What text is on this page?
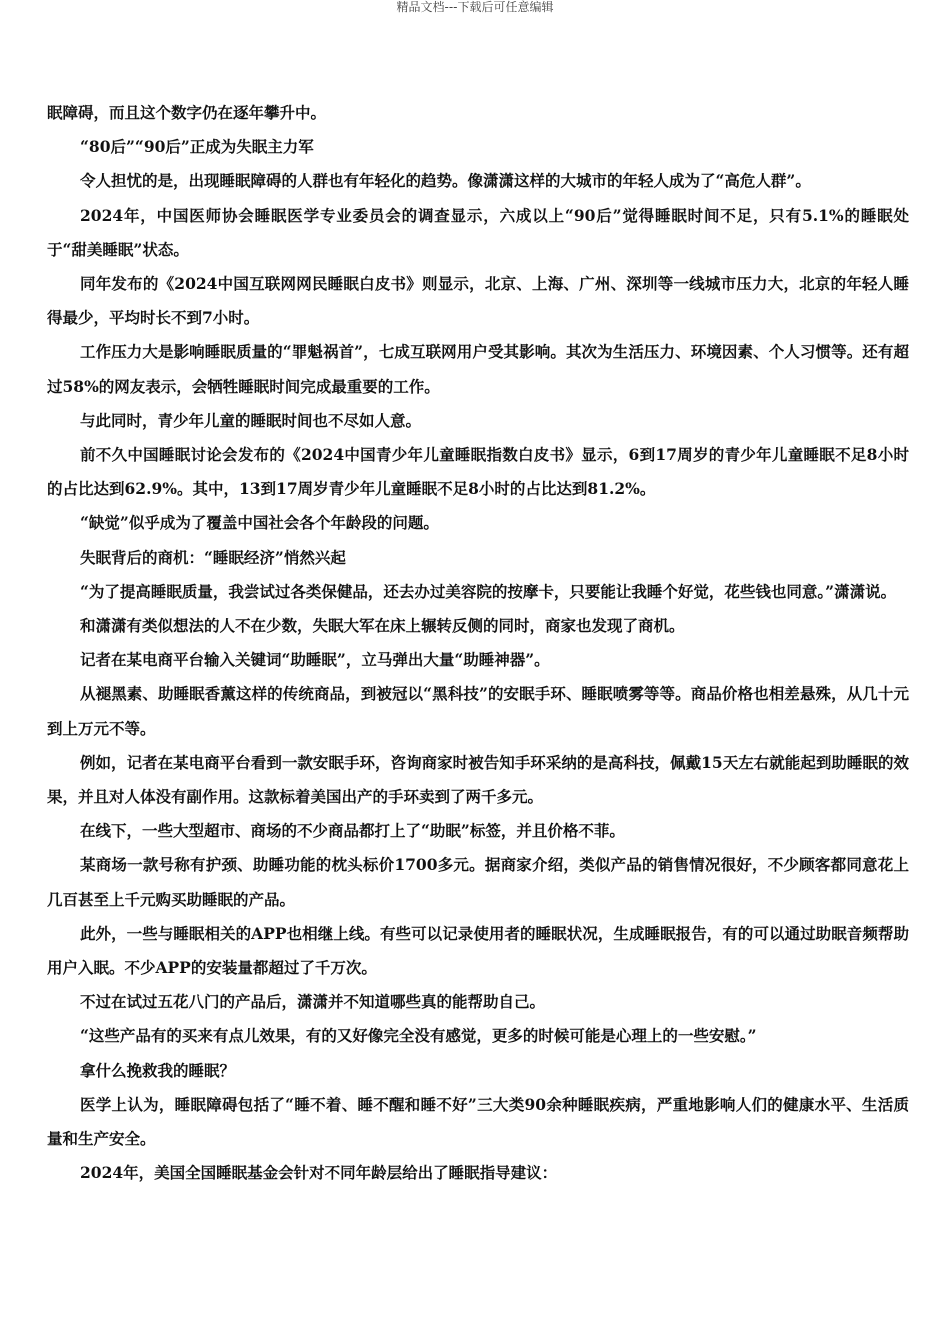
精品文档---下载后可任意编辑

眠障碍，而且这个数字仍在逐年攀升中。

“80后”“90后”正成为失眠主力军

令人担忧的是，出现睡眠障碍的人群也有年轻化的趋势。像潇潇这样的大城市的年轻人成为了“高危人群”。

2024年，中国医师协会睡眠医学专业委员会的调查显示，六成以上“90后”觉得睡眠时间不足，只有5.1%的睡眠处于“甜美睡眠”状态。

同年发布的《2024中国互联网网民睡眠白皮书》则显示，北京、上海、广州、深圳等一线城市压力大，北京的年轻人睡得最少，平均时长不到7小时。

工作压力大是影响睡眠质量的“罪魁祸首”，七成互联网用户受其影响。其次为生活压力、环境因素、个人习惯等。还有超过58%的网友表示，会牺牲睡眠时间完成最重要的工作。

与此同时，青少年儿童的睡眠时间也不尽如人意。

前不久中国睡眠讨论会发布的《2024中国青少年儿童睡眠指数白皮书》显示，6到17周岁的青少年儿童睡眠不足8小时的占比达到62.9%。其中，13到17周岁青少年儿童睡眠不足8小时的占比达到81.2%。

“缺觉”似乎成为了覆盖中国社会各个年龄段的问题。

失眠背后的商机：“睡眠经济”悄然兴起

“为了提高睡眠质量，我尝试过各类保健品，还去办过美容院的按摩卡，只要能让我睡个好觉，花些钱也同意。”潇潇说。

和潇潇有类似想法的人不在少数，失眠大军在床上辗转反侧的同时，商家也发现了商机。

记者在某电商平台输入关键词“助睡眠”，立马弹出大量“助睡神器”。

从褪黑素、助睡眠香薰这样的传统商品，到被冠以“黑科技”的安眠手环、睡眠喷雾等等。商品价格也相差悬殊，从几十元到上万元不等。

例如，记者在某电商平台看到一款安眠手环，咨询商家时被告知手环采纳的是高科技，佩戴15天左右就能起到助睡眠的效果，并且对人体没有副作用。这款标着美国出产的手环卖到了两千多元。

在线下，一些大型超市、商场的不少商品都打上了“助眠”标签，并且价格不菲。

某商场一款号称有护颈、助睡功能的枕头标价1700多元。据商家介绍，类似产品的销售情况很好，不少顾客都同意花上几百甚至上千元购买助睡眠的产品。

此外，一些与睡眠相关的APP也相继上线。有些可以记录使用者的睡眠状况，生成睡眠报告，有的可以通过助眠音频帮助用户入眠。不少APP的安装量都超过了千万次。

不过在试过五花八门的产品后，潇潇并不知道哪些真的能帮助自己。

“这些产品有的买来有点儿效果，有的又好像完全没有感觉，更多的时候可能是心理上的一些安慰。”

拿什么挽救我的睡眠？

医学上认为，睡眠障碍包括了“睡不着、睡不醒和睡不好”三大类90余种睡眠疾病，严重地影响人们的健康水平、生活质量和生产安全。

2024年，美国全国睡眠基金会针对不同年龄层给出了睡眠指导建议：
